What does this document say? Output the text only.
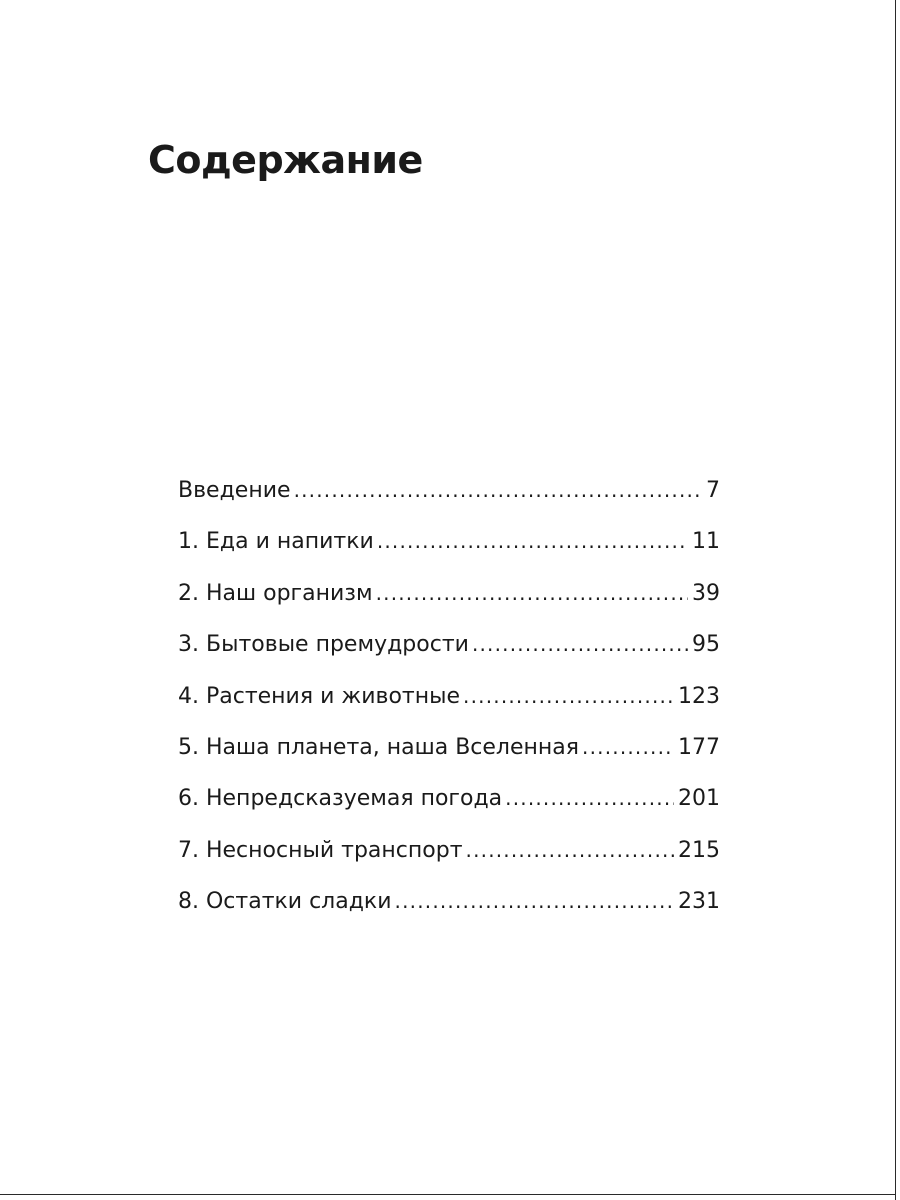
Содержание
Введение .....	7
1. Еда и напитки .....	11
2. Наш организм .....	39
3. Бытовые премудрости .....	95
4. Растения и животные .....	123
5. Наша планета, наша Вселенная .....	177
6. Непредсказуемая погода .....	201
7. Несносный транспорт .....	215
8. Остатки сладки .....	231
